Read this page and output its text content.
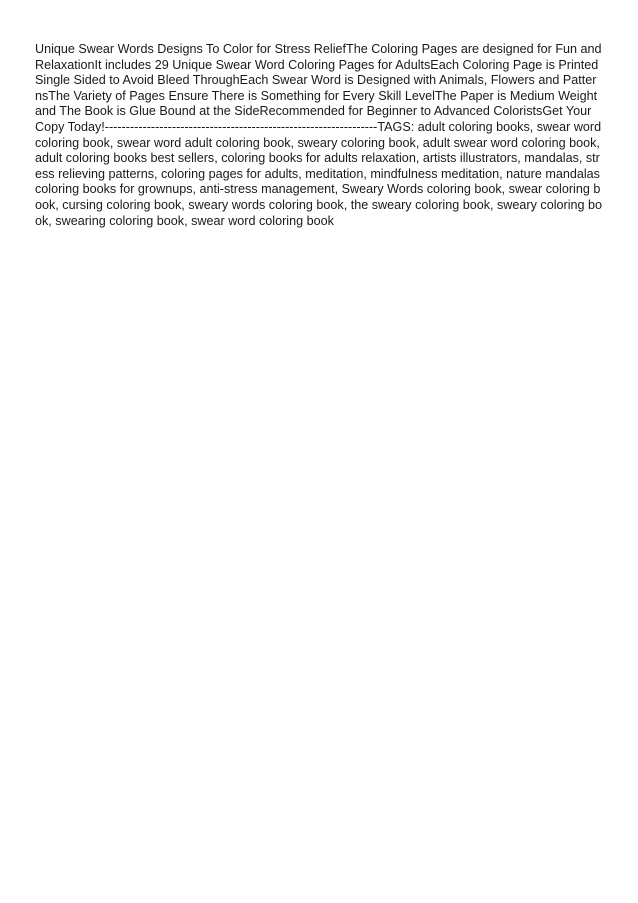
Unique Swear Words Designs To Color for Stress ReliefThe Coloring Pages are designed for Fun and RelaxationIt includes 29 Unique Swear Word Coloring Pages for AdultsEach Coloring Page is Printed Single Sided to Avoid Bleed ThroughEach Swear Word is Designed with Animals, Flowers and PatternsThe Variety of Pages Ensure There is Something for Every Skill LevelThe Paper is Medium Weight and The Book is Glue Bound at the SideRecommended for Beginner to Advanced ColoristsGet Your Copy Today!-----------------------------------------------------------------TAGS: adult coloring books, swear word coloring book, swear word adult coloring book, sweary coloring book, adult swear word coloring book, adult coloring books best sellers, coloring books for adults relaxation, artists illustrators, mandalas, stress relieving patterns, coloring pages for adults, meditation, mindfulness meditation, nature mandalas coloring books for grownups, anti-stress management, Sweary Words coloring book, swear coloring book, cursing coloring book, sweary words coloring book, the sweary coloring book, sweary coloring book, swearing coloring book, swear word coloring book
